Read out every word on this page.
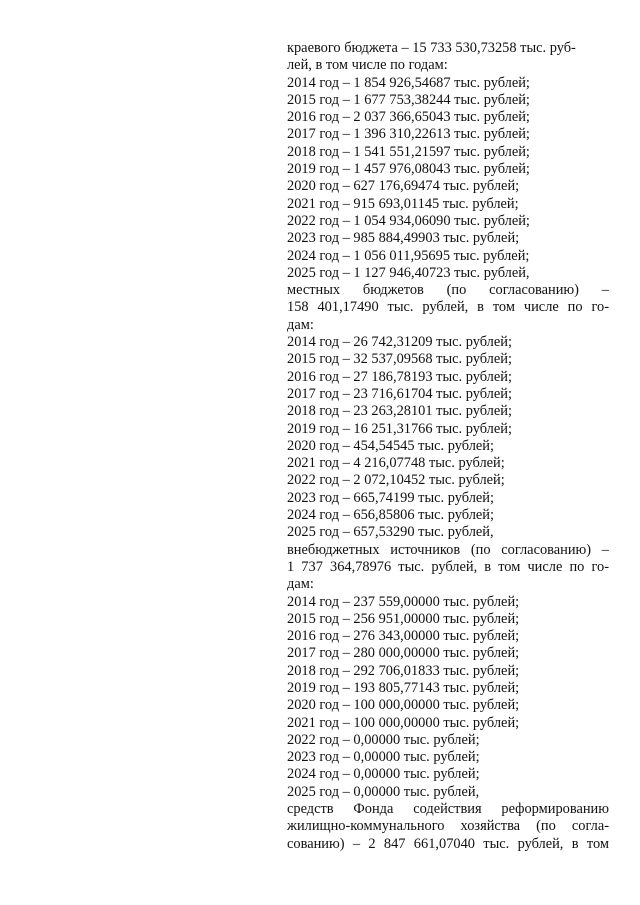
краевого бюджета – 15 733 530,73258 тыс. руб-
лей, в том числе по годам:
2014 год – 1 854 926,54687 тыс. рублей;
2015 год – 1 677 753,38244 тыс. рублей;
2016 год – 2 037 366,65043 тыс. рублей;
2017 год – 1 396 310,22613 тыс. рублей;
2018 год – 1 541 551,21597 тыс. рублей;
2019 год – 1 457 976,08043 тыс. рублей;
2020 год – 627 176,69474 тыс. рублей;
2021 год – 915 693,01145 тыс. рублей;
2022 год – 1 054 934,06090 тыс. рублей;
2023 год – 985 884,49903 тыс. рублей;
2024 год – 1 056 011,95695 тыс. рублей;
2025 год – 1 127 946,40723 тыс. рублей,
местных бюджетов (по согласованию) –
158 401,17490 тыс. рублей, в том числе по го-
дам:
2014 год – 26 742,31209 тыс. рублей;
2015 год – 32 537,09568 тыс. рублей;
2016 год – 27 186,78193 тыс. рублей;
2017 год – 23 716,61704 тыс. рублей;
2018 год – 23 263,28101 тыс. рублей;
2019 год – 16 251,31766 тыс. рублей;
2020 год – 454,54545 тыс. рублей;
2021 год – 4 216,07748 тыс. рублей;
2022 год – 2 072,10452 тыс. рублей;
2023 год – 665,74199 тыс. рублей;
2024 год – 656,85806 тыс. рублей;
2025 год – 657,53290 тыс. рублей,
внебюджетных источников (по согласованию) –
1 737 364,78976 тыс. рублей, в том числе по го-
дам:
2014 год – 237 559,00000 тыс. рублей;
2015 год – 256 951,00000 тыс. рублей;
2016 год – 276 343,00000 тыс. рублей;
2017 год – 280 000,00000 тыс. рублей;
2018 год – 292 706,01833 тыс. рублей;
2019 год – 193 805,77143 тыс. рублей;
2020 год – 100 000,00000 тыс. рублей;
2021 год – 100 000,00000 тыс. рублей;
2022 год – 0,00000 тыс. рублей;
2023 год – 0,00000 тыс. рублей;
2024 год – 0,00000 тыс. рублей;
2025 год – 0,00000 тыс. рублей,
средств Фонда содействия реформированию
жилищно-коммунального хозяйства (по согла-
сованию) – 2 847 661,07040 тыс. рублей, в том
